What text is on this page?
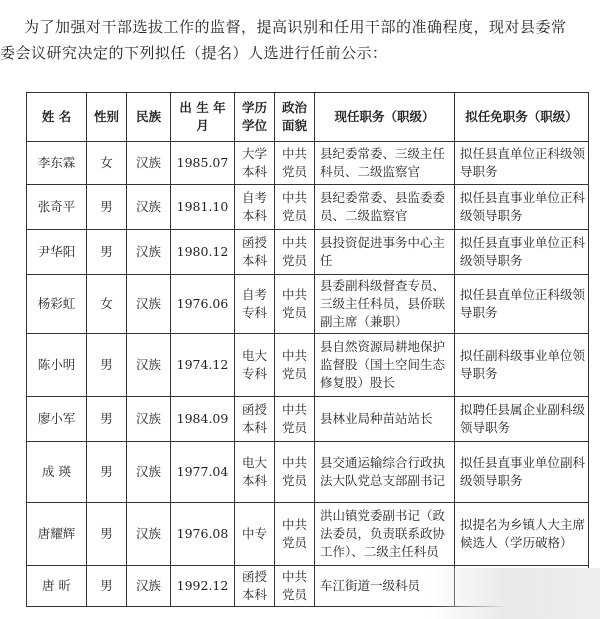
为了加强对干部选拔工作的监督，提高识别和任用干部的准确程度，现对县委常

委会议研究决定的下列拟任（提名）人选进行任前公示：

姓 名	性别	民族	出 生 年 月	学历 学位	政治 面貌	现任职务（职级）	拟任免职务（职级）
李东霖	女	汉族	1985.07	大学本科	中共党员	县纪委常委、三级主任科员、二级监察官	拟任县直单位正科级领导职务
张奇平	男	汉族	1981.10	自考本科	中共党员	县纪委常委、县监委委员、二级监察官	拟任县直事业单位正科级领导职务
尹华阳	男	汉族	1980.12	函授本科	中共党员	县投资促进事务中心主任	拟任县直事业单位正科级领导职务
杨彩虹	女	汉族	1976.06	自考专科	中共党员	县委副科级督查专员、三级主任科员，县侨联副主席（兼职）	拟任县直单位正科级领导职务
陈小明	男	汉族	1974.12	电大专科	中共党员	县自然资源局耕地保护监督股（国土空间生态修复股）股长	拟任副科级事业单位领导职务
廖小军	男	汉族	1984.09	函授本科	中共党员	县林业局种苗站站长	拟聘任县属企业副科级领导职务
成 瑛	男	汉族	1977.04	电大本科	中共党员	县交通运输综合行政执法大队党总支部副书记	拟任县直事业单位副科级领导职务
唐耀辉	男	汉族	1976.08	中专	中共党员	洪山镇党委副书记（政法委员，负责联系政协工作）、二级主任科员	拟提名为乡镇人大主席候选人（学历破格）
唐 昕	男	汉族	1992.12	函授本科	中共党员	车江街道一级科员	
